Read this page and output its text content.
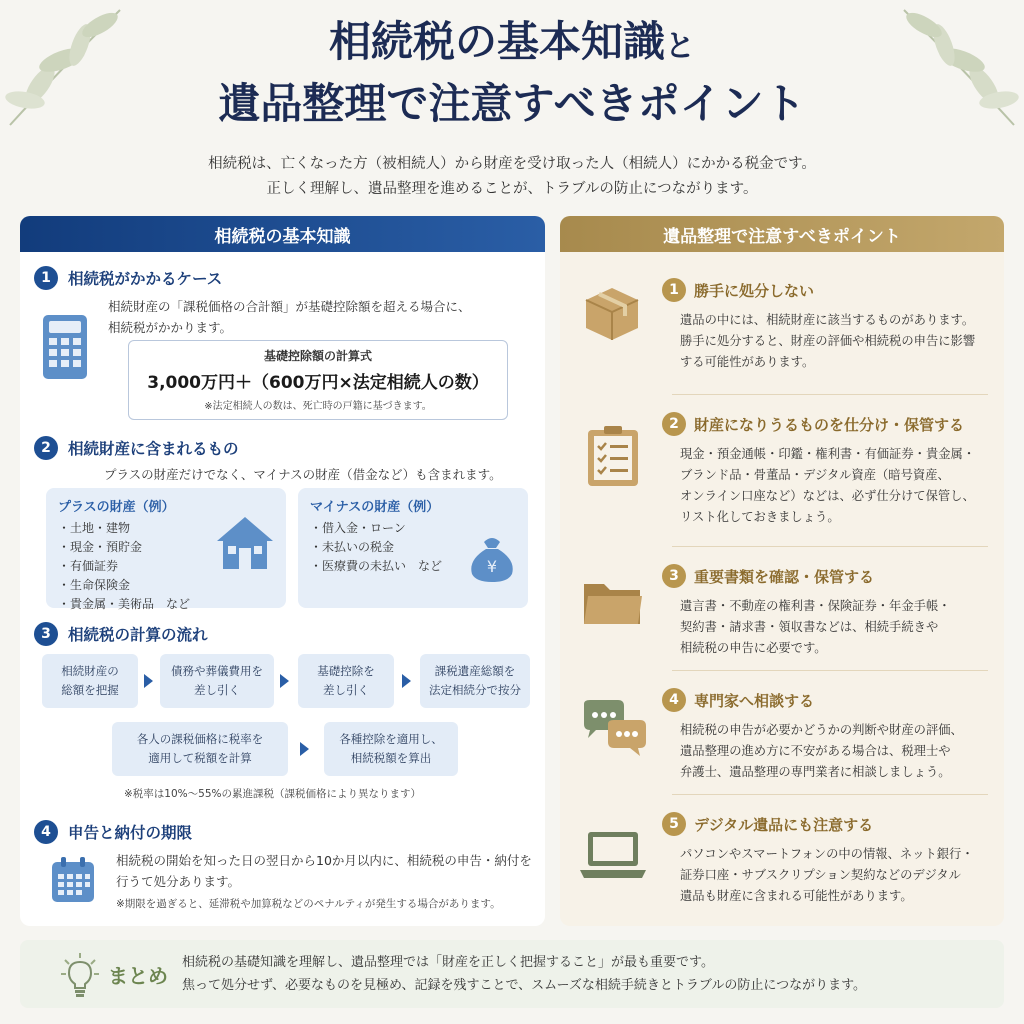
相続税の基本知識と
遺品整理で注意すべきポイント
相続税は、亡くなった方（被相続人）から財産を受け取った人（相続人）にかかる税金です。
正しく理解し、遺品整理を進めることが、トラブルの防止につながります。
相続税の基本知識
1	相続税がかかるケース
相続財産の「課税価格の合計額」が基礎控除額を超える場合に、
相続税がかかります。
基礎控除額の計算式
3,000万円＋（600万円×法定相続人の数）
※法定相続人の数は、死亡時の戸籍に基づきます。
2	相続財産に含まれるもの
プラスの財産だけでなく、マイナスの財産（借金など）も含まれます。
プラスの財産（例）
・土地・建物
・現金・預貯金
・有価証券
・生命保険金
・貴金属・美術品　など
マイナスの財産（例）
・借入金・ローン
・未払いの税金
・医療費の未払い　など	¥
3	相続税の計算の流れ
相続財産の
総額を把握
債務や葬儀費用を
差し引く
基礎控除を
差し引く
課税遺産総額を
法定相続分で按分
各人の課税価格に税率を
適用して税額を計算
各種控除を適用し、
相続税額を算出
※税率は10%〜55%の累進課税（課税価格により異なります）
4	申告と納付の期限
相続税の開始を知った日の翌日から10か月以内に、相続税の申告・納付を
行うて処分あります。
※期限を過ぎると、延滞税や加算税などのペナルティが発生する場合があります。
遺品整理で注意すべきポイント
1	勝手に処分しない
遺品の中には、相続財産に該当するものがあります。
勝手に処分すると、財産の評価や相続税の申告に影響
する可能性があります。
2	財産になりうるものを仕分け・保管する
現金・預金通帳・印鑑・権利書・有価証券・貴金属・
ブランド品・骨董品・デジタル資産（暗号資産、
オンライン口座など）などは、必ず仕分けて保管し、
リスト化しておきましょう。
3	重要書類を確認・保管する
遺言書・不動産の権利書・保険証券・年金手帳・
契約書・請求書・領収書などは、相続手続きや
相続税の申告に必要です。
4	専門家へ相談する
相続税の申告が必要かどうかの判断や財産の評価、
遺品整理の進め方に不安がある場合は、税理士や
弁護士、遺品整理の専門業者に相談しましょう。
5	デジタル遺品にも注意する
パソコンやスマートフォンの中の情報、ネット銀行・
証券口座・サブスクリプション契約などのデジタル
遺品も財産に含まれる可能性があります。
まとめ
相続税の基礎知識を理解し、遺品整理では「財産を正しく把握すること」が最も重要です。
焦って処分せず、必要なものを見極め、記録を残すことで、スムーズな相続手続きとトラブルの防止につながります。
